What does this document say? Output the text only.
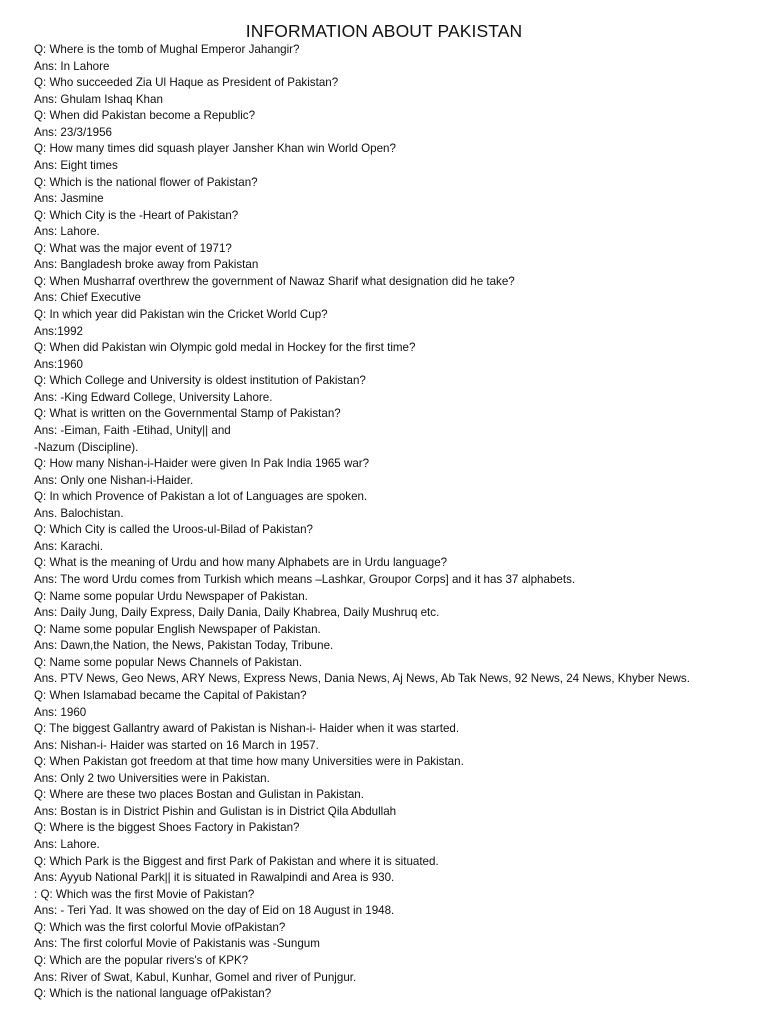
INFORMATION ABOUT PAKISTAN
Q: Where is the tomb of Mughal Emperor Jahangir?
Ans: In Lahore
Q: Who succeeded Zia Ul Haque as President of Pakistan?
Ans: Ghulam Ishaq Khan
Q: When did Pakistan become a Republic?
Ans: 23/3/1956
Q: How many times did squash player Jansher Khan win World Open?
Ans: Eight times
Q: Which is the national flower of Pakistan?
Ans: Jasmine
Q: Which City is the -Heart of Pakistan?
Ans: Lahore.
Q: What was the major event of 1971?
Ans: Bangladesh broke away from Pakistan
Q: When Musharraf overthrew the government of Nawaz Sharif what designation did he take?
Ans: Chief Executive
Q: In which year did Pakistan win the Cricket World Cup?
Ans:1992
Q: When did Pakistan win Olympic gold medal in Hockey for the first time?
Ans:1960
Q: Which College and University is oldest institution of Pakistan?
Ans: -King Edward College, University Lahore.
Q: What is written on the Governmental Stamp of Pakistan?
Ans: -Eiman, Faith -Etihad, Unity|| and
-Nazum (Discipline).
Q: How many Nishan-i-Haider were given In Pak India 1965 war?
Ans: Only one Nishan-i-Haider.
Q: In which Provence of Pakistan a lot of Languages are spoken.
Ans. Balochistan.
Q: Which City is called the Uroos-ul-Bilad of Pakistan?
Ans: Karachi.
Q: What is the meaning of Urdu and how many Alphabets are in Urdu language?
Ans: The word Urdu comes from Turkish which means –Lashkar, Groupor Corps] and it has 37 alphabets.
Q: Name some popular Urdu Newspaper of Pakistan.
Ans: Daily Jung, Daily Express, Daily Dania, Daily Khabrea, Daily Mushruq etc.
Q: Name some popular English Newspaper of Pakistan.
Ans: Dawn,the Nation, the News, Pakistan Today, Tribune.
Q: Name some popular News Channels of Pakistan.
Ans. PTV News, Geo News, ARY News, Express News, Dania News, Aj News, Ab Tak News, 92 News, 24 News, Khyber News.
Q: When Islamabad became the Capital of Pakistan?
Ans: 1960
Q: The biggest Gallantry award of Pakistan is Nishan-i- Haider when it was started.
Ans: Nishan-i- Haider was started on 16 March in 1957.
Q: When Pakistan got freedom at that time how many Universities were in Pakistan.
Ans: Only 2 two Universities were in Pakistan.
Q: Where are these two places Bostan and Gulistan in Pakistan.
Ans: Bostan is in District Pishin and Gulistan is in District Qila Abdullah
Q: Where is the biggest Shoes Factory in Pakistan?
Ans: Lahore.
Q: Which Park is the Biggest and first Park of Pakistan and where it is situated.
Ans: Ayyub National Park|| it is situated in Rawalpindi and Area is 930.
: Q: Which was the first Movie of Pakistan?
Ans: - Teri Yad. It was showed on the day of Eid on 18 August in 1948.
Q: Which was the first colorful Movie ofPakistan?
Ans: The first colorful Movie of Pakistanis was -Sungum
Q: Which are the popular rivers's of KPK?
Ans: River of Swat, Kabul, Kunhar, Gomel and river of Punjgur.
Q: Which is the national language ofPakistan?
